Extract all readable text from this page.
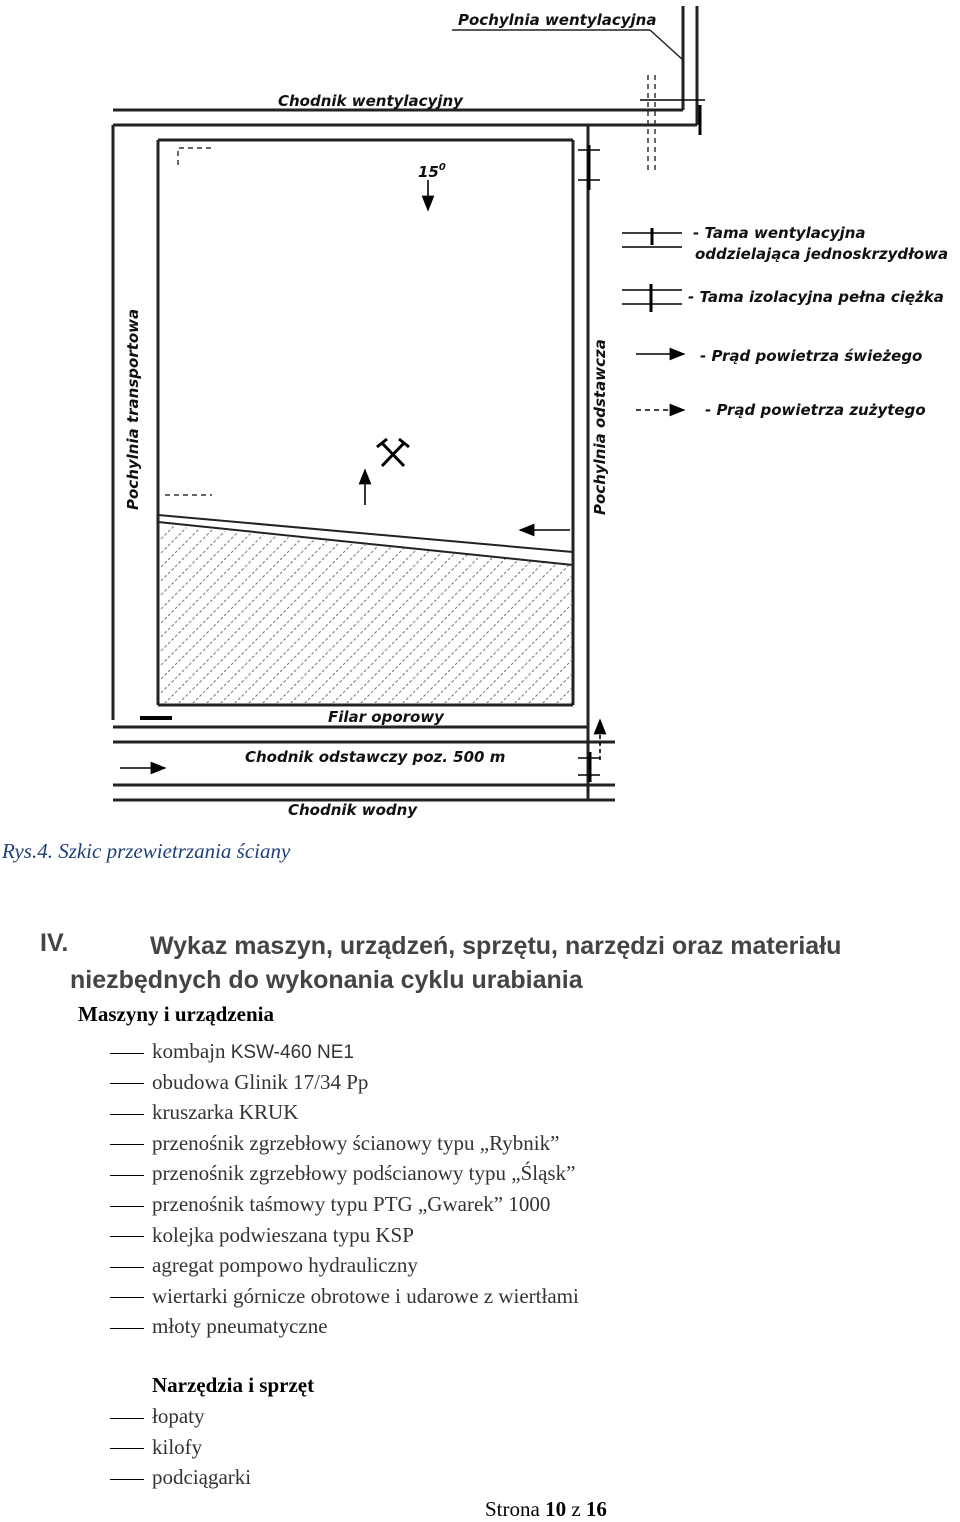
Pochylnia wentylacyjna
Chodnik wentylacyjny
$15^0$
Pochylnia transportowa	Pochylnia odstawcza
Filar oporowy
Chodnik odstawczy poz. 500 m
Chodnik wodny
- Tama wentylacyjna
oddzielająca jednoskrzydłowa
- Tama izolacyjna pełna ciężka
- Prąd powietrza świeżego
- Prąd powietrza zużytego
Rys.4. Szkic przewietrzania ściany
IV.	Wykaz maszyn, urządzeń, sprzętu, narzędzi oraz materiału niezbędnych do wykonania cyklu urabiania
Maszyny i urządzenia
kombajn KSW-460 NE1
obudowa Glinik 17/34 Pp
kruszarka KRUK
przenośnik zgrzebłowy ścianowy typu „Rybnik”
przenośnik zgrzebłowy podścianowy typu „Śląsk”
przenośnik taśmowy typu PTG „Gwarek” 1000
kolejka podwieszana typu KSP
agregat pompowo hydrauliczny
wiertarki górnicze obrotowe i udarowe z wiertłami
młoty pneumatyczne
Narzędzia i sprzęt
łopaty
kilofy
podciągarki
Strona 10 z 16
